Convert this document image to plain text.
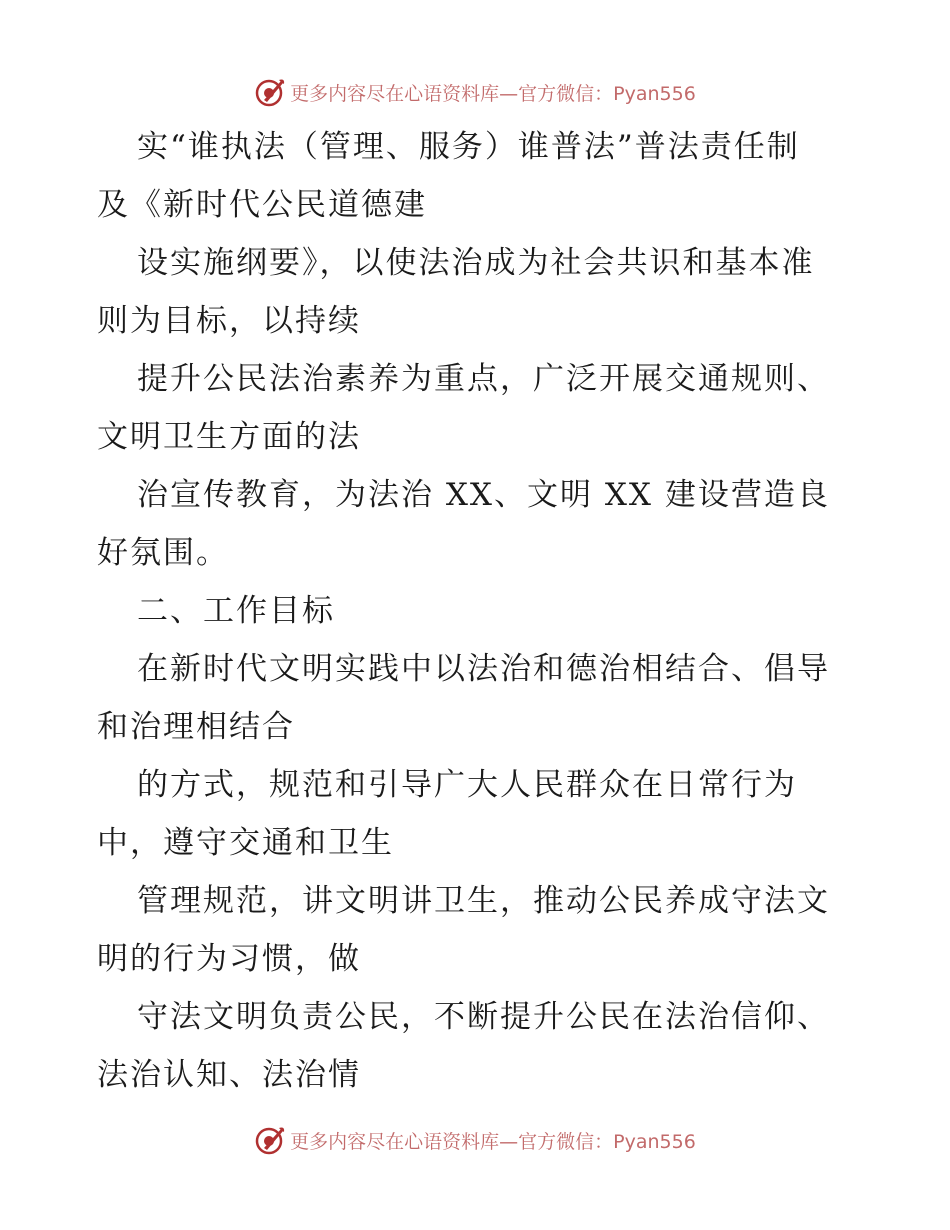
更多内容尽在心语资料库—官方微信：Pyan556
实“谁执法（管理、服务）谁普法”普法责任制
及《新时代公民道德建
设实施纲要》，以使法治成为社会共识和基本准
则为目标，以持续
提升公民法治素养为重点，广泛开展交通规则、
文明卫生方面的法
治宣传教育，为法治 XX、文明 XX 建设营造良
好氛围。
二、工作目标
在新时代文明实践中以法治和德治相结合、倡导
和治理相结合
的方式，规范和引导广大人民群众在日常行为
中，遵守交通和卫生
管理规范，讲文明讲卫生，推动公民养成守法文
明的行为习惯，做
守法文明负责公民，不断提升公民在法治信仰、
法治认知、法治情
更多内容尽在心语资料库—官方微信：Pyan556
